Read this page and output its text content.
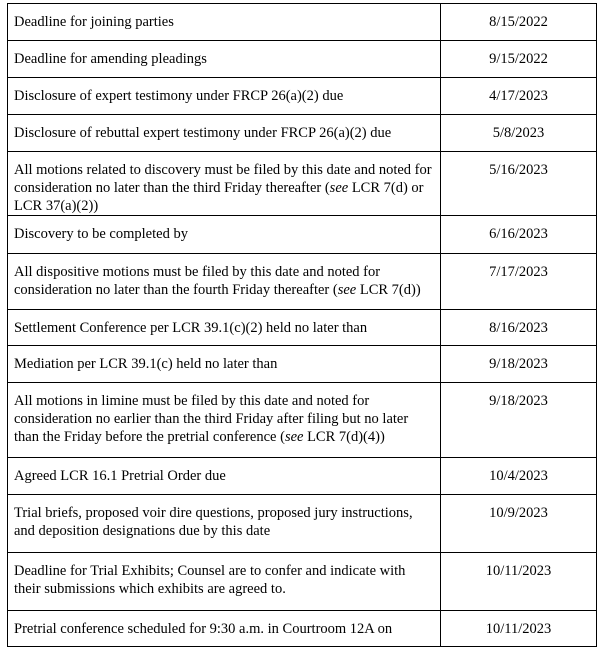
Deadline for joining parties	8/15/2022
Deadline for amending pleadings	9/15/2022
Disclosure of expert testimony under FRCP 26(a)(2) due	4/17/2023
Disclosure of rebuttal expert testimony under FRCP 26(a)(2) due	5/8/2023
All motions related to discovery must be filed by this date and noted for consideration no later than the third Friday thereafter (see LCR 7(d) or LCR 37(a)(2))	5/16/2023
Discovery to be completed by	6/16/2023
All dispositive motions must be filed by this date and noted for consideration no later than the fourth Friday thereafter (see LCR 7(d))	7/17/2023
Settlement Conference per LCR 39.1(c)(2) held no later than	8/16/2023
Mediation per LCR 39.1(c) held no later than	9/18/2023
All motions in limine must be filed by this date and noted for consideration no earlier than the third Friday after filing but no later than the Friday before the pretrial conference (see LCR 7(d)(4))	9/18/2023
Agreed LCR 16.1 Pretrial Order due	10/4/2023
Trial briefs, proposed voir dire questions, proposed jury instructions, and deposition designations due by this date	10/9/2023
Deadline for Trial Exhibits; Counsel are to confer and indicate with their submissions which exhibits are agreed to.	10/11/2023
Pretrial conference scheduled for 9:30 a.m. in Courtroom 12A on	10/11/2023
